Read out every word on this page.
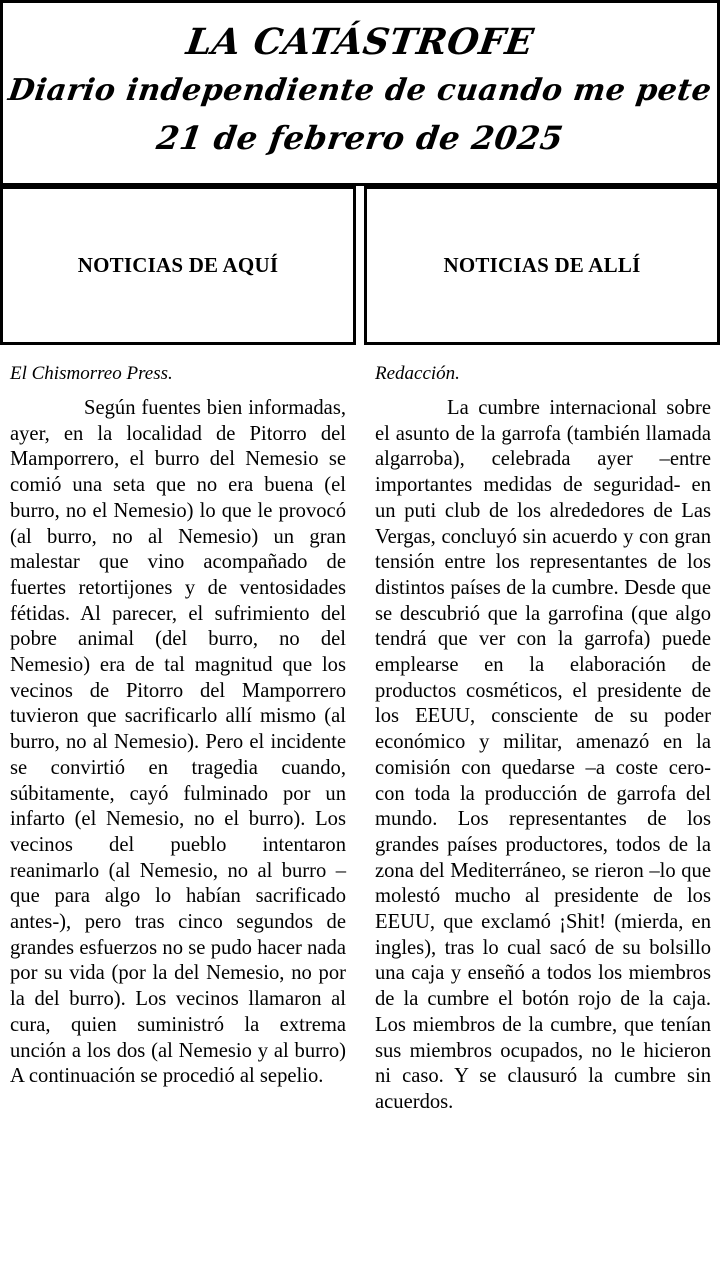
LA CATÁSTROFE
Diario independiente de cuando me pete
21 de febrero de 2025
NOTICIAS DE AQUÍ	NOTICIAS DE ALLÍ

El Chismorreo Press.

Según fuentes bien informadas, ayer, en la localidad de Pitorro del Mamporrero, el burro del Nemesio se comió una seta que no era buena (el burro, no el Nemesio) lo que le provocó (al burro, no al Nemesio) un gran malestar que vino acompañado de fuertes retortijones y de ventosidades fétidas. Al parecer, el sufrimiento del pobre animal (del burro, no del Nemesio) era de tal magnitud que los vecinos de Pitorro del Mamporrero tuvieron que sacrificarlo allí mismo (al burro, no al Nemesio). Pero el incidente se convirtió en tragedia cuando, súbitamente, cayó fulminado por un infarto (el Nemesio, no el burro). Los vecinos del pueblo intentaron reanimarlo (al Nemesio, no al burro –que para algo lo habían sacrificado antes-), pero tras cinco segundos de grandes esfuerzos no se pudo hacer nada por su vida (por la del Nemesio, no por la del burro). Los vecinos llamaron al cura, quien suministró la extrema unción a los dos (al Nemesio y al burro) A continuación se procedió al sepelio.

Redacción.

La cumbre internacional sobre el asunto de la garrofa (también llamada algarroba), celebrada ayer –entre importantes medidas de seguridad- en un puti club de los alrededores de Las Vergas, concluyó sin acuerdo y con gran tensión entre los representantes de los distintos países de la cumbre. Desde que se descubrió que la garrofina (que algo tendrá que ver con la garrofa) puede emplearse en la elaboración de productos cosméticos, el presidente de los EEUU, consciente de su poder económico y militar, amenazó en la comisión con quedarse –a coste cero- con toda la producción de garrofa del mundo. Los representantes de los grandes países productores, todos de la zona del Mediterráneo, se rieron –lo que molestó mucho al presidente de los EEUU, que exclamó ¡Shit! (mierda, en ingles), tras lo cual sacó de su bolsillo una caja y enseñó a todos los miembros de la cumbre el botón rojo de la caja. Los miembros de la cumbre, que tenían sus miembros ocupados, no le hicieron ni caso. Y se clausuró la cumbre sin acuerdos.
